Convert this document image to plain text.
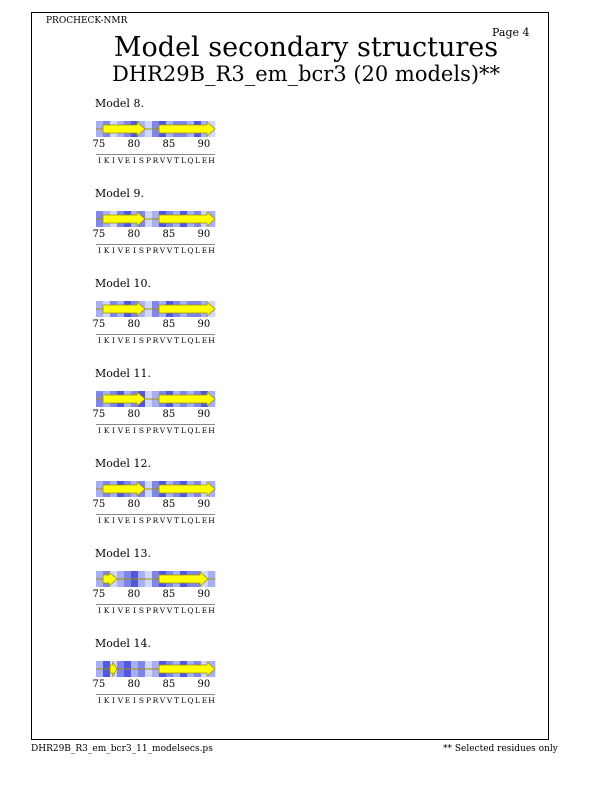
PROCHECK-NMR
Page 4
Model secondary structures
DHR29B_R3_em_bcr3 (20 models)**
Model 8.
75 80 85 90
I K I V E I S P R V V T L Q L E H
Model 9.
75 80 85 90
I K I V E I S P R V V T L Q L E H
Model 10.
75 80 85 90
I K I V E I S P R V V T L Q L E H
Model 11.
75 80 85 90
I K I V E I S P R V V T L Q L E H
Model 12.
75 80 85 90
I K I V E I S P R V V T L Q L E H
Model 13.
75 80 85 90
I K I V E I S P R V V T L Q L E H
Model 14.
75 80 85 90
I K I V E I S P R V V T L Q L E H
DHR29B_R3_em_bcr3_11_modelsecs.ps	** Selected residues only
